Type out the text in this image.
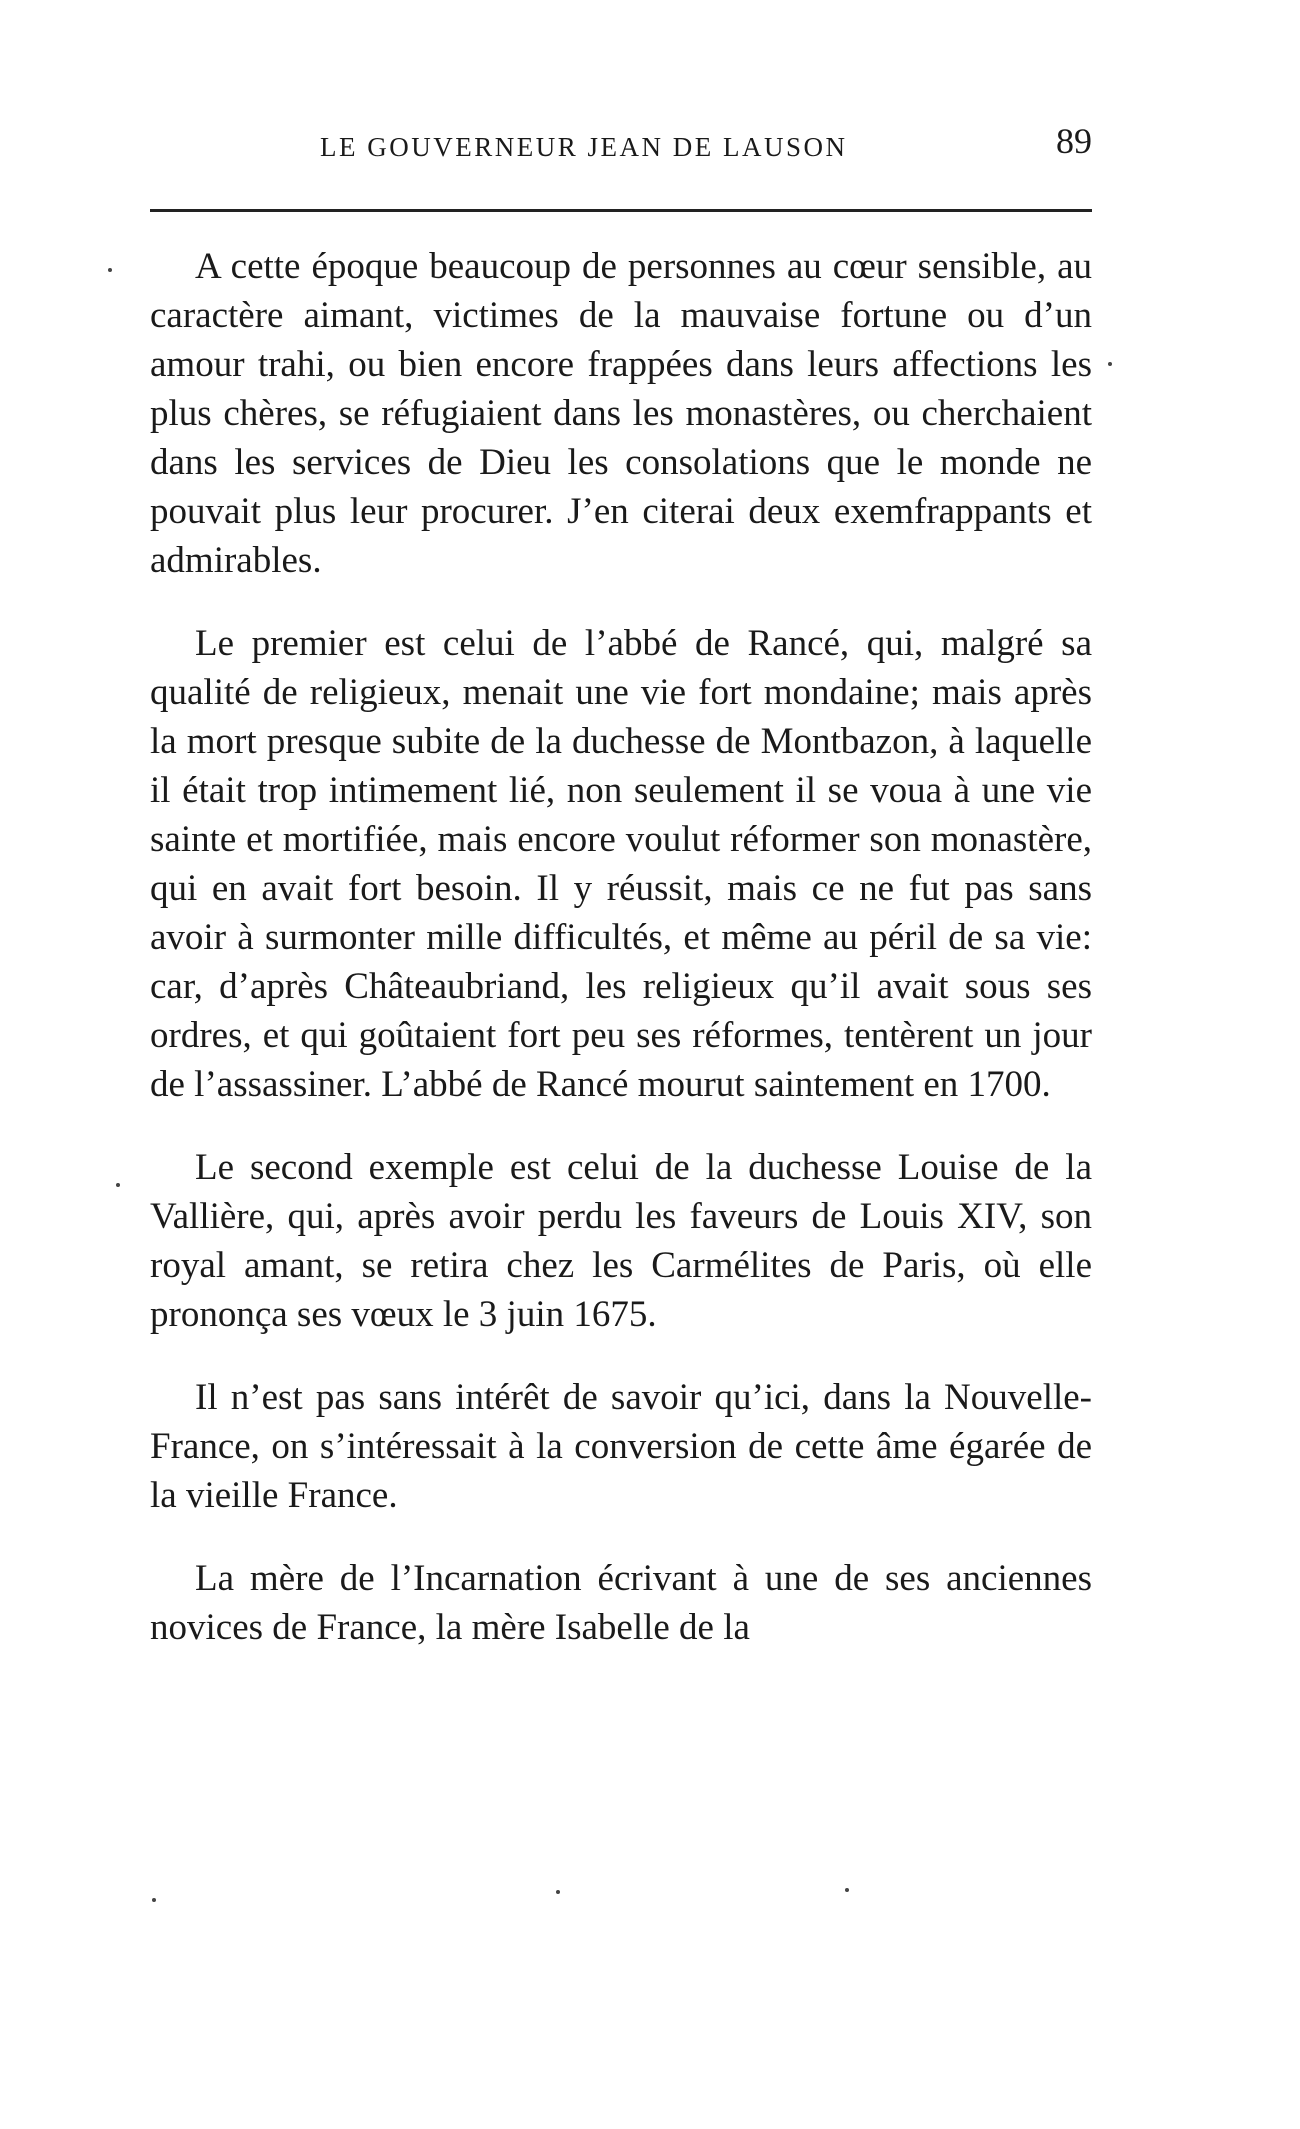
LE GOUVERNEUR JEAN DE LAUSON	89

A cette époque beaucoup de personnes au cœur sensible, au caractère aimant, victimes de la mauvaise fortune ou d’un amour trahi, ou bien encore frappées dans leurs affections les plus chères, se réfugiaient dans les monastères, ou cherchaient dans les services de Dieu les consolations que le monde ne pouvait plus leur procurer. J’en citerai deux exemfrappants et admirables.

Le premier est celui de l’abbé de Rancé, qui, malgré sa qualité de religieux, menait une vie fort mondaine; mais après la mort presque subite de la duchesse de Montbazon, à laquelle il était trop intimement lié, non seulement il se voua à une vie sainte et mortifiée, mais encore voulut réformer son monastère, qui en avait fort besoin. Il y réussit, mais ce ne fut pas sans avoir à surmonter mille difficultés, et même au péril de sa vie: car, d’après Châteaubriand, les religieux qu’il avait sous ses ordres, et qui goûtaient fort peu ses réformes, tentèrent un jour de l’assassiner. L’abbé de Rancé mourut saintement en 1700.

Le second exemple est celui de la duchesse Louise de la Vallière, qui, après avoir perdu les faveurs de Louis XIV, son royal amant, se retira chez les Carmélites de Paris, où elle prononça ses vœux le 3 juin 1675.

Il n’est pas sans intérêt de savoir qu’ici, dans la Nouvelle-France, on s’intéressait à la conversion de cette âme égarée de la vieille France.

La mère de l’Incarnation écrivant à une de ses anciennes novices de France, la mère Isabelle de la
